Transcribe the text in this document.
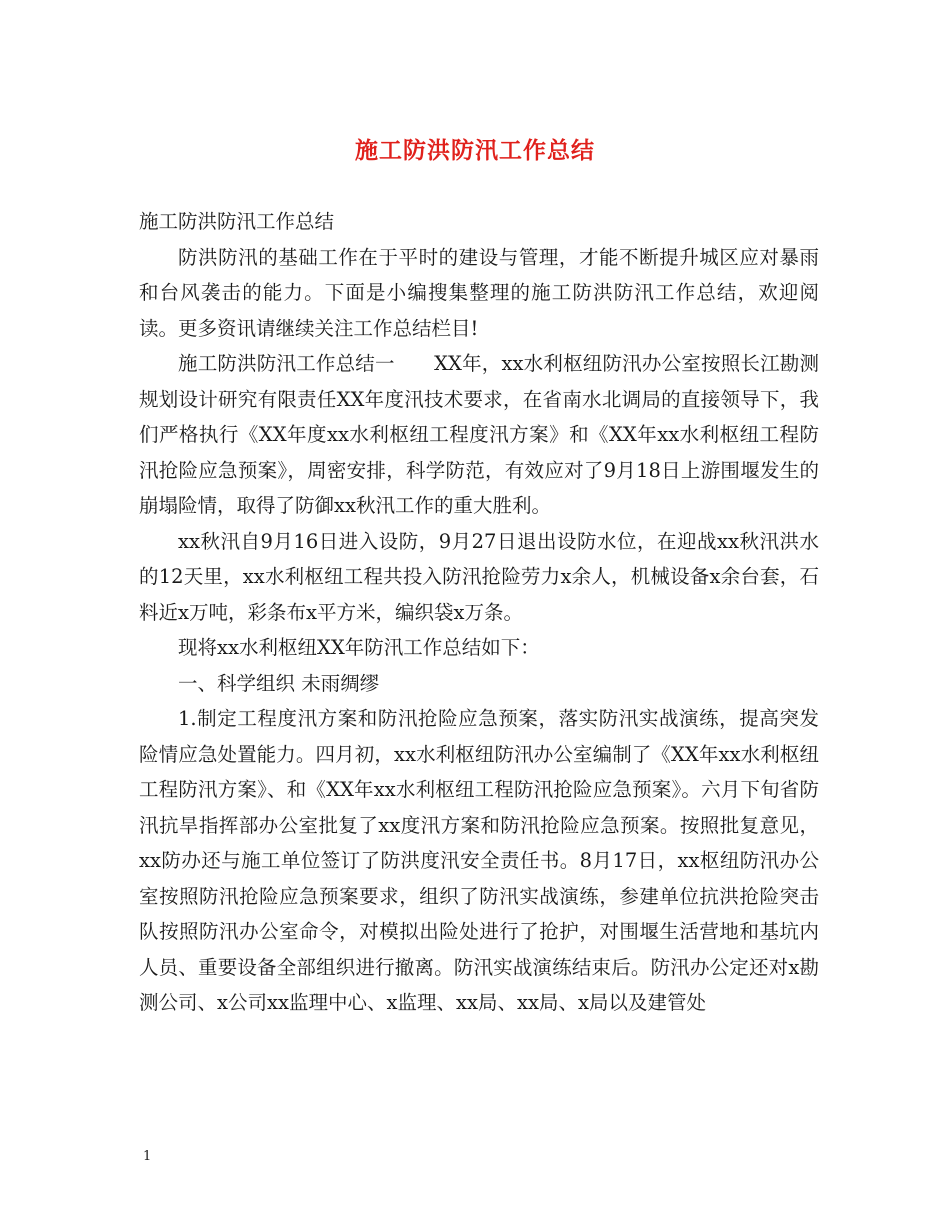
施工防洪防汛工作总结

施工防洪防汛工作总结

防洪防汛的基础工作在于平时的建设与管理，才能不断提升城区应对暴雨和台风袭击的能力。下面是小编搜集整理的施工防洪防汛工作总结，欢迎阅读。更多资讯请继续关注工作总结栏目!

施工防洪防汛工作总结一　　XX年，xx水利枢纽防汛办公室按照长江勘测规划设计研究有限责任XX年度汛技术要求，在省南水北调局的直接领导下，我们严格执行《XX年度xx水利枢纽工程度汛方案》和《XX年xx水利枢纽工程防汛抢险应急预案》，周密安排，科学防范，有效应对了9月18日上游围堰发生的崩塌险情，取得了防御xx秋汛工作的重大胜利。

xx秋汛自9月16日进入设防，9月27日退出设防水位，在迎战xx秋汛洪水的12天里，xx水利枢纽工程共投入防汛抢险劳力x余人，机械设备x余台套，石料近x万吨，彩条布x平方米，编织袋x万条。

现将xx水利枢纽XX年防汛工作总结如下：

一、科学组织 未雨绸缪

1.制定工程度汛方案和防汛抢险应急预案，落实防汛实战演练，提高突发险情应急处置能力。四月初，xx水利枢纽防汛办公室编制了《XX年xx水利枢纽工程防汛方案》、和《XX年xx水利枢纽工程防汛抢险应急预案》。六月下旬省防汛抗旱指挥部办公室批复了xx度汛方案和防汛抢险应急预案。按照批复意见，xx防办还与施工单位签订了防洪度汛安全责任书。8月17日，xx枢纽防汛办公室按照防汛抢险应急预案要求，组织了防汛实战演练，参建单位抗洪抢险突击队按照防汛办公室命令，对模拟出险处进行了抢护，对围堰生活营地和基坑内人员、重要设备全部组织进行撤离。防汛实战演练结束后。防汛办公定还对x勘测公司、x公司xx监理中心、x监理、xx局、xx局、x局以及建管处

1
